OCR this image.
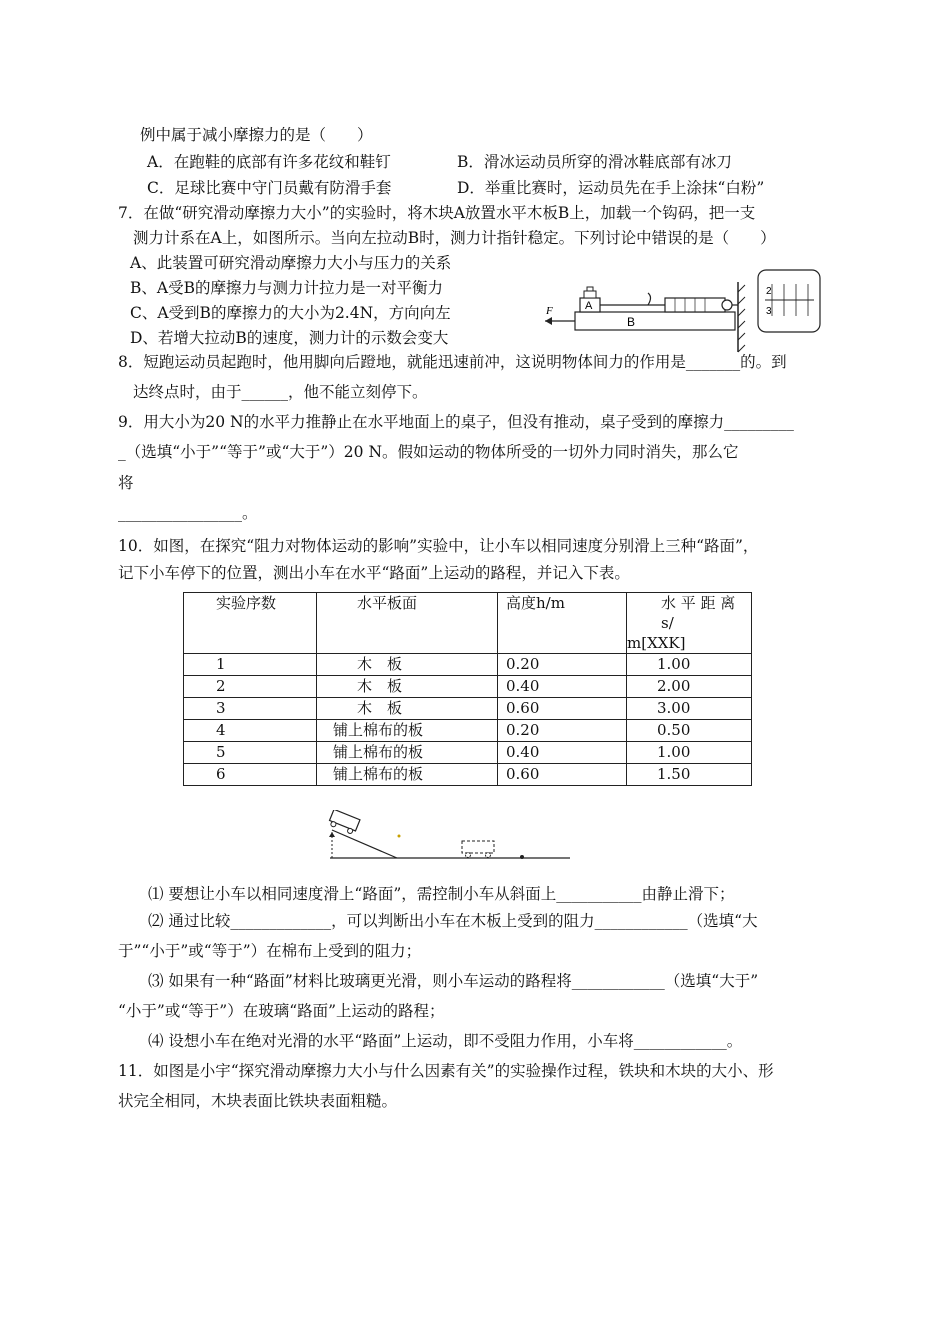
例中属于减小摩擦力的是（　　）
A．在跑鞋的底部有许多花纹和鞋钉	B．滑冰运动员所穿的滑冰鞋底部有冰刀
C．足球比赛中守门员戴有防滑手套	D．举重比赛时，运动员先在手上涂抹“白粉”
7．在做“研究滑动摩擦力大小”的实验时，将木块A放置水平木板B上，加载一个钩码，把一支
测力计系在A上，如图所示。当向左拉动B时，测力计指针稳定。下列讨论中错误的是（　　）
A、此装置可研究滑动摩擦力大小与压力的关系
B、A受B的摩擦力与测力计拉力是一对平衡力
C、A受到B的摩擦力的大小为2.4N，方向向左
D、若增大拉动B的速度，测力计的示数会变大
B
A
F
2
3
8．短跑运动员起跑时，他用脚向后蹬地，就能迅速前冲，这说明物体间力的作用是_______的。到
达终点时，由于______，他不能立刻停下。
9．用大小为20 N的水平力推静止在水平地面上的桌子，但没有推动，桌子受到的摩擦力_________
_（选填“小于”“等于”或“大于”）20 N。假如运动的物体所受的一切外力同时消失，那么它
将
________________。
10．如图，在探究“阻力对物体运动的影响”实验中，让小车以相同速度分别滑上三种“路面”，
记下小车停下的位置，测出小车在水平“路面”上运动的路程，并记入下表。
实验序数	水平板面	高度h/m	水 平 距 离 s/
m[XXK]

1	木　板	0.20	1.00
2	木　板	0.40	2.00
3	木　板	0.60	3.00
4	铺上棉布的板	0.20	0.50
5	铺上棉布的板	0.40	1.00
6	铺上棉布的板	0.60	1.50
⑴ 要想让小车以相同速度滑上“路面”，需控制小车从斜面上___________由静止滑下；
⑵ 通过比较_____________，可以判断出小车在木板上受到的阻力____________（选填“大
于”“小于”或“等于”）在棉布上受到的阻力；
⑶ 如果有一种“路面”材料比玻璃更光滑，则小车运动的路程将____________（选填“大于”
“小于”或“等于”）在玻璃“路面”上运动的路程；
⑷ 设想小车在绝对光滑的水平“路面”上运动，即不受阻力作用，小车将____________。
11．如图是小宇“探究滑动摩擦力大小与什么因素有关”的实验操作过程，铁块和木块的大小、形
状完全相同，木块表面比铁块表面粗糙。
